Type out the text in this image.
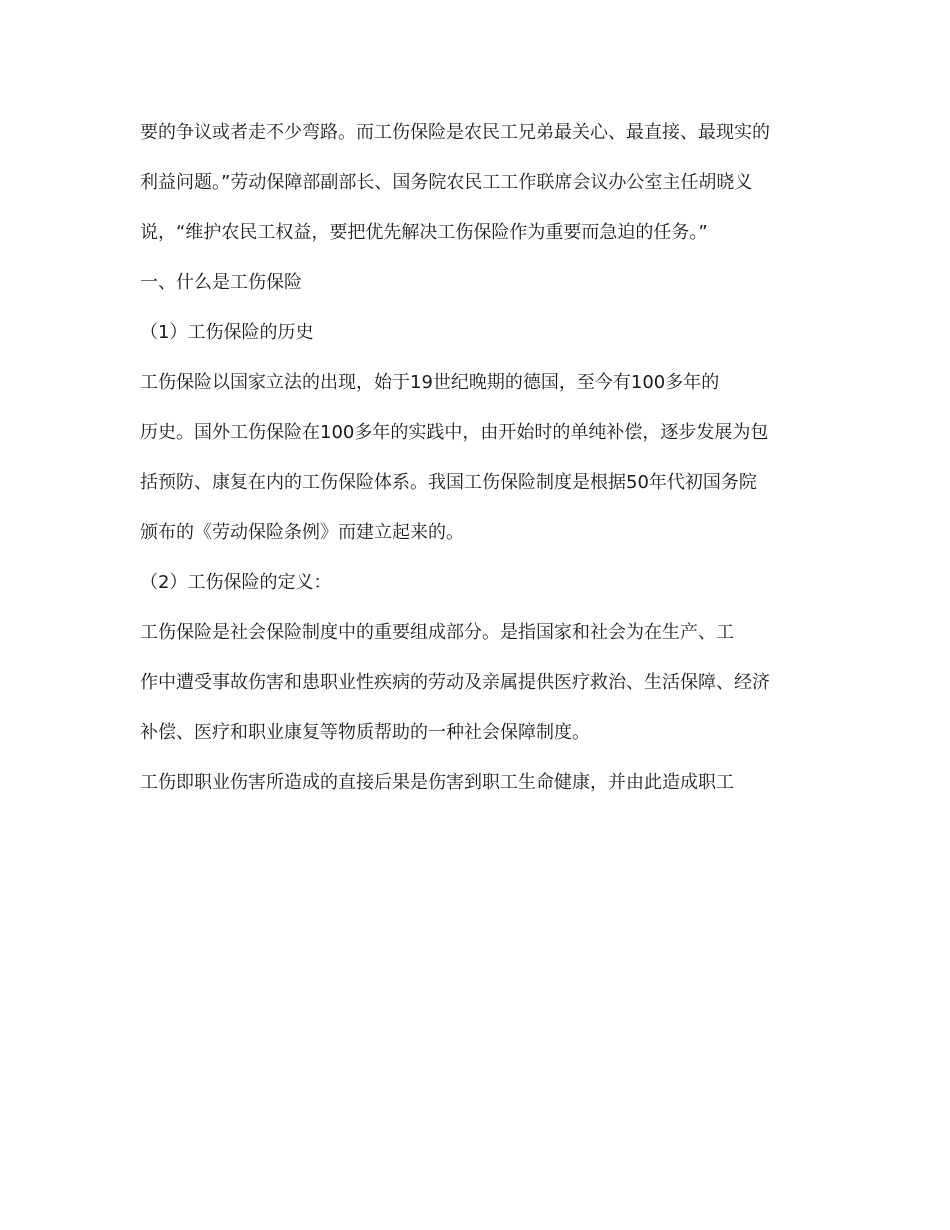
要的争议或者走不少弯路。而工伤保险是农民工兄弟最关心、最直接、最现实的

利益问题。”劳动保障部副部长、国务院农民工工作联席会议办公室主任胡晓义

说，“维护农民工权益，要把优先解决工伤保险作为重要而急迫的任务。”

一、什么是工伤保险

（1）工伤保险的历史

工伤保险以国家立法的出现，始于19世纪晚期的德国，至今有100多年的

历史。国外工伤保险在100多年的实践中，由开始时的单纯补偿，逐步发展为包

括预防、康复在内的工伤保险体系。我国工伤保险制度是根据50年代初国务院

颁布的《劳动保险条例》而建立起来的。

（2）工伤保险的定义：

工伤保险是社会保险制度中的重要组成部分。是指国家和社会为在生产、工

作中遭受事故伤害和患职业性疾病的劳动及亲属提供医疗救治、生活保障、经济

补偿、医疗和职业康复等物质帮助的一种社会保障制度。

工伤即职业伤害所造成的直接后果是伤害到职工生命健康，并由此造成职工
